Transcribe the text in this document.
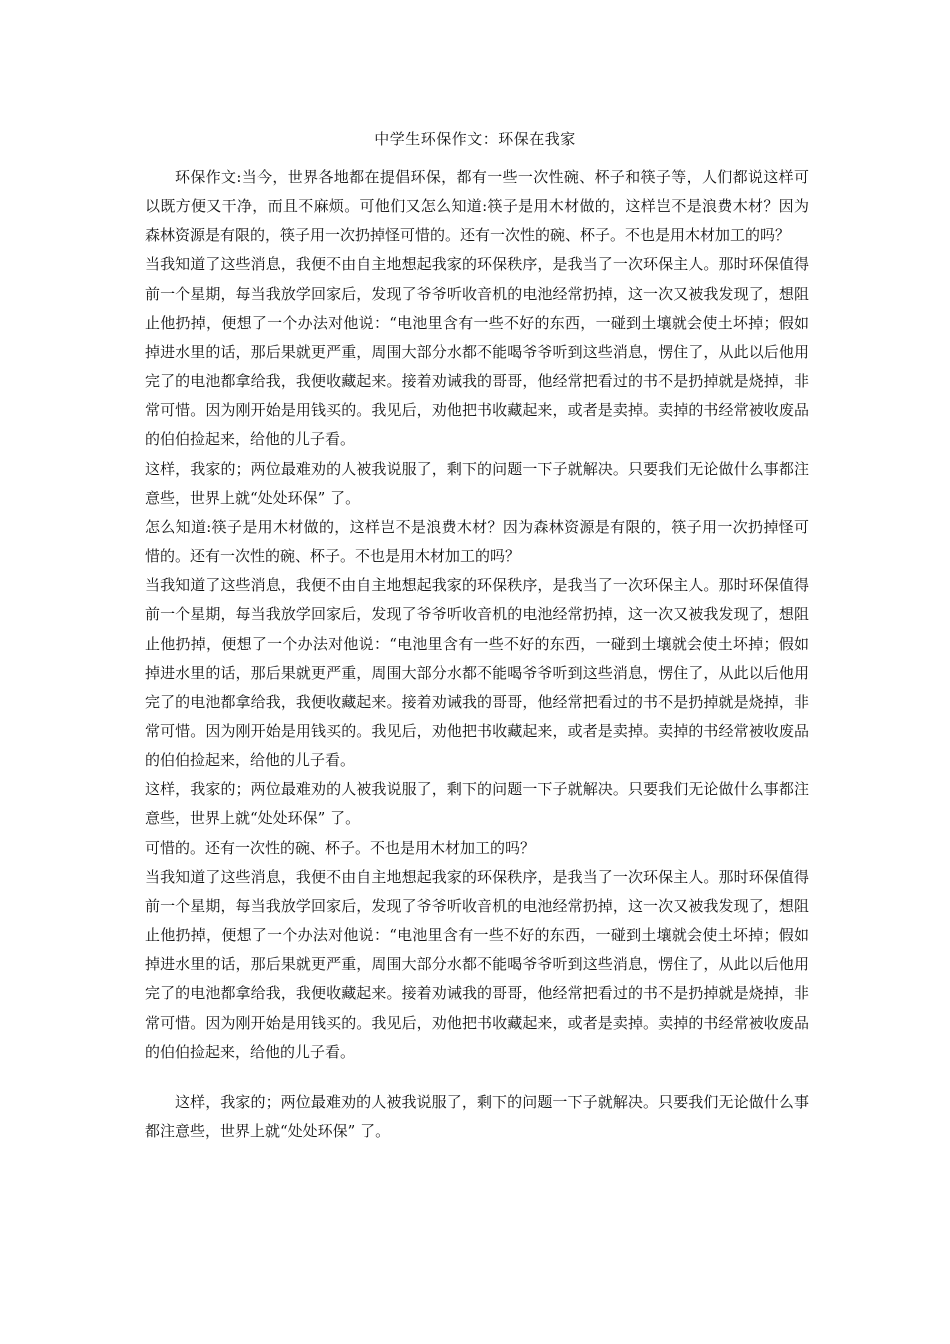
中学生环保作文：环保在我家

环保作文:当今，世界各地都在提倡环保，都有一些一次性碗、杯子和筷子等，人们都说这样可以既方便又干净，而且不麻烦。可他们又怎么知道:筷子是用木材做的，这样岂不是浪费木材？因为森林资源是有限的，筷子用一次扔掉怪可惜的。还有一次性的碗、杯子。不也是用木材加工的吗？

当我知道了这些消息，我便不由自主地想起我家的环保秩序，是我当了一次环保主人。那时环保值得前一个星期，每当我放学回家后，发现了爷爷听收音机的电池经常扔掉，这一次又被我发现了，想阻止他扔掉，便想了一个办法对他说：“电池里含有一些不好的东西，一碰到土壤就会使土坏掉；假如掉进水里的话，那后果就更严重，周围大部分水都不能喝爷爷听到这些消息，愣住了，从此以后他用完了的电池都拿给我，我便收藏起来。接着劝诫我的哥哥，他经常把看过的书不是扔掉就是烧掉，非常可惜。因为刚开始是用钱买的。我见后，劝他把书收藏起来，或者是卖掉。卖掉的书经常被收废品的伯伯捡起来，给他的儿子看。

这样，我家的；两位最难劝的人被我说服了，剩下的问题一下子就解决。只要我们无论做什么事都注意些，世界上就“处处环保” 了。

怎么知道:筷子是用木材做的，这样岂不是浪费木材？因为森林资源是有限的，筷子用一次扔掉怪可惜的。还有一次性的碗、杯子。不也是用木材加工的吗？

当我知道了这些消息，我便不由自主地想起我家的环保秩序，是我当了一次环保主人。那时环保值得前一个星期，每当我放学回家后，发现了爷爷听收音机的电池经常扔掉，这一次又被我发现了，想阻止他扔掉，便想了一个办法对他说：“电池里含有一些不好的东西，一碰到土壤就会使土坏掉；假如掉进水里的话，那后果就更严重，周围大部分水都不能喝爷爷听到这些消息，愣住了，从此以后他用完了的电池都拿给我，我便收藏起来。接着劝诫我的哥哥，他经常把看过的书不是扔掉就是烧掉，非常可惜。因为刚开始是用钱买的。我见后，劝他把书收藏起来，或者是卖掉。卖掉的书经常被收废品的伯伯捡起来，给他的儿子看。

这样，我家的；两位最难劝的人被我说服了，剩下的问题一下子就解决。只要我们无论做什么事都注意些，世界上就“处处环保” 了。

可惜的。还有一次性的碗、杯子。不也是用木材加工的吗？

当我知道了这些消息，我便不由自主地想起我家的环保秩序，是我当了一次环保主人。那时环保值得前一个星期，每当我放学回家后，发现了爷爷听收音机的电池经常扔掉，这一次又被我发现了，想阻止他扔掉，便想了一个办法对他说：“电池里含有一些不好的东西，一碰到土壤就会使土坏掉；假如掉进水里的话，那后果就更严重，周围大部分水都不能喝爷爷听到这些消息，愣住了，从此以后他用完了的电池都拿给我，我便收藏起来。接着劝诫我的哥哥，他经常把看过的书不是扔掉就是烧掉，非常可惜。因为刚开始是用钱买的。我见后，劝他把书收藏起来，或者是卖掉。卖掉的书经常被收废品的伯伯捡起来，给他的儿子看。

这样，我家的；两位最难劝的人被我说服了，剩下的问题一下子就解决。只要我们无论做什么事都注意些，世界上就“处处环保” 了。
